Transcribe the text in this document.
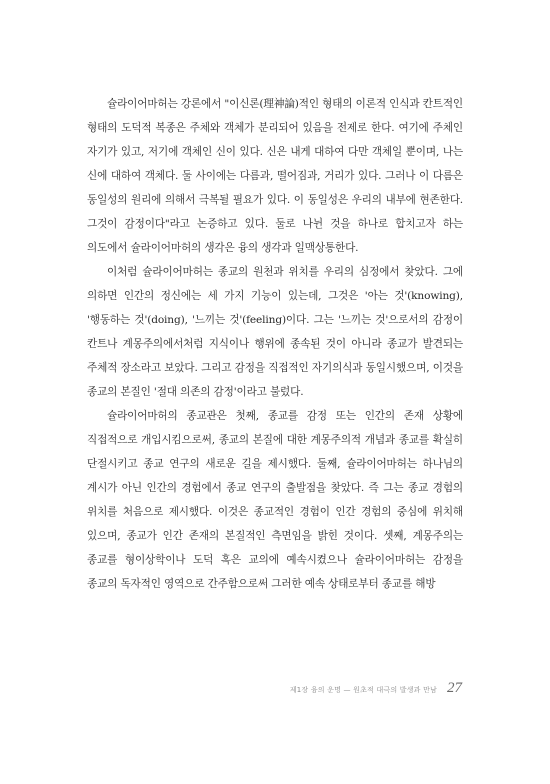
슐라이어마허는 강론에서 "이신론(理神論)적인 형태의 이론적 인식과 칸트적인 형태의 도덕적 복종은 주체와 객체가 분리되어 있음을 전제로 한다. 여기에 주체인 자기가 있고, 저기에 객체인 신이 있다. 신은 내게 대하여 다만 객체일 뿐이며, 나는 신에 대하여 객체다. 둘 사이에는 다름과, 떨어짐과, 거리가 있다. 그러나 이 다름은 동일성의 원리에 의해서 극복될 필요가 있다. 이 동일성은 우리의 내부에 현존한다. 그것이 감정이다"라고 논증하고 있다. 둘로 나뉜 것을 하나로 합치고자 하는 의도에서 슐라이어마허의 생각은 융의 생각과 일맥상통한다.

이처럼 슐라이어마허는 종교의 원천과 위치를 우리의 심정에서 찾았다. 그에 의하면 인간의 정신에는 세 가지 기능이 있는데, 그것은 '아는 것'(knowing), '행동하는 것'(doing), '느끼는 것'(feeling)이다. 그는 '느끼는 것'으로서의 감정이 칸트나 계몽주의에서처럼 지식이나 행위에 종속된 것이 아니라 종교가 발견되는 주체적 장소라고 보았다. 그리고 감정을 직접적인 자기의식과 동일시했으며, 이것을 종교의 본질인 '절대 의존의 감정'이라고 불렀다.

슐라이어마허의 종교관은 첫째, 종교를 감정 또는 인간의 존재 상황에 직접적으로 개입시킴으로써, 종교의 본질에 대한 계몽주의적 개념과 종교를 확실히 단절시키고 종교 연구의 새로운 길을 제시했다. 둘째, 슐라이어마허는 하나님의 계시가 아닌 인간의 경험에서 종교 연구의 출발점을 찾았다. 즉 그는 종교 경험의 위치를 처음으로 제시했다. 이것은 종교적인 경험이 인간 경험의 중심에 위치해 있으며, 종교가 인간 존재의 본질적인 측면임을 밝힌 것이다. 셋째, 계몽주의는 종교를 형이상학이나 도덕 혹은 교의에 예속시켰으나 슐라이어마허는 감정을 종교의 독자적인 영역으로 간주함으로써 그러한 예속 상태로부터 종교를 해방

제1장 융의 운명 — 원초적 대극의 발생과 만남 27
